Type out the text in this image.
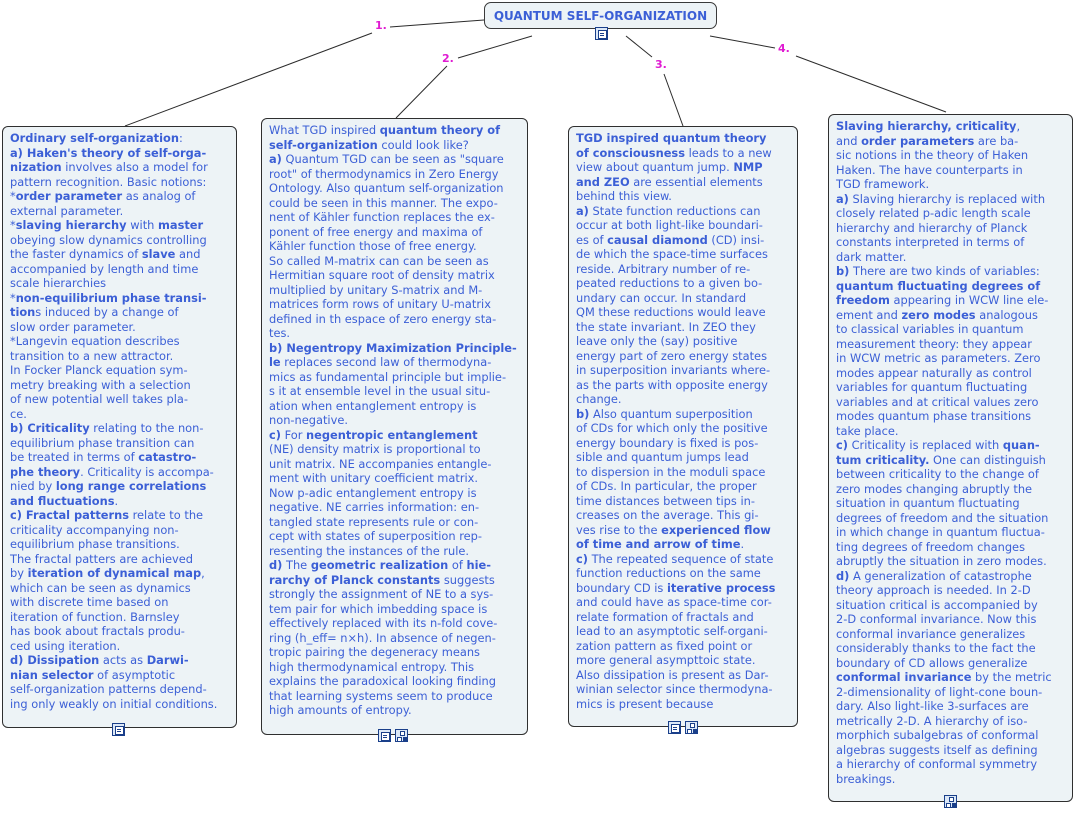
QUANTUM SELF-ORGANIZATION
1.
2.	3.
4.

Ordinary self-organization:

a) Haken's theory of self-orga-

nization involves also a model for

pattern recognition. Basic notions:

*order parameter as analog of

external parameter.

*slaving hierarchy with master

obeying slow dynamics controlling

the faster dynamics of slave and

accompanied by length and time

scale hierarchies

*non-equilibrium phase transi-

tions induced by a change of

slow order parameter.

*Langevin equation describes

transition to a new attractor.

In Focker Planck equation sym-

metry breaking with a selection

of new potential well takes pla-

ce.

b) Criticality relating to the non-

equilibrium phase transition can

be treated in terms of catastro-

phe theory. Criticality is accompa-

nied by long range correlations

and fluctuations.

c) Fractal patterns relate to the

criticality accompanying non-

equilibrium phase transitions.

The fractal patters are achieved

by iteration of dynamical map,

which can be seen as dynamics

with discrete time based on

iteration of function. Barnsley

has book about fractals produ-

ced using iteration.

d) Dissipation acts as Darwi-

nian selector of asymptotic

self-organization patterns depend-

ing only weakly on initial conditions.

What TGD inspired quantum theory of

self-organization could look like?

a) Quantum TGD can be seen as "square

root" of thermodynamics in Zero Energy

Ontology. Also quantum self-organization

could be seen in this manner. The expo-

nent of Kähler function replaces the ex-

ponent of free energy and maxima of

Kähler function those of free energy.

So called M-matrix can can be seen as

Hermitian square root of density matrix

multiplied by unitary S-matrix and M-

matrices form rows of unitary U-matrix

defined in th espace of zero energy sta-

tes.

b) Negentropy Maximization Principle-

le replaces second law of thermodyna-

mics as fundamental principle but implie-

s it at ensemble level in the usual situ-

ation when entanglement entropy is

non-negative.

c) For negentropic entanglement

(NE) density matrix is proportional to

unit matrix. NE accompanies entangle-

ment with unitary coefficient matrix.

Now p-adic entanglement entropy is

negative. NE carries information: en-

tangled state represents rule or con-

cept with states of superposition rep-

resenting the instances of the rule.

d) The geometric realization of hie-

rarchy of Planck constants suggests

strongly the assignment of NE to a sys-

tem pair for which imbedding space is

effectively replaced with its n-fold cove-

ring (h_eff= n×h). In absence of negen-

tropic pairing the degeneracy means

high thermodynamical entropy. This

explains the paradoxical looking finding

that learning systems seem to produce

high amounts of entropy.

TGD inspired quantum theory

of consciousness leads to a new

view about quantum jump. NMP

and ZEO are essential elements

behind this view.

a) State function reductions can

occur at both light-like boundari-

es of causal diamond (CD) insi-

de which the space-time surfaces

reside. Arbitrary number of re-

peated reductions to a given bo-

undary can occur. In standard

QM these reductions would leave

the state invariant. In ZEO they

leave only the (say) positive

energy part of zero energy states

in superposition invariants where-

as the parts with opposite energy

change.

b) Also quantum superposition

of CDs for which only the positive

energy boundary is fixed is pos-

sible and quantum jumps lead

to dispersion in the moduli space

of CDs. In particular, the proper

time distances between tips in-

creases on the average. This gi-

ves rise to the experienced flow

of time and arrow of time.

c) The repeated sequence of state

function reductions on the same

boundary CD is iterative process

and could have as space-time cor-

relate formation of fractals and

lead to an asymptotic self-organi-

zation pattern as fixed point or

more general asympttoic state.

Also dissipation is present as Dar-

winian selector since thermodyna-

mics is present because

Slaving hierarchy, criticality,

and order parameters are ba-

sic notions in the theory of Haken

Haken. The have counterparts in

TGD framework.

a) Slaving hierarchy is replaced with

closely related p-adic length scale

hierarchy and hierarchy of Planck

constants interpreted in terms of

dark matter.

b) There are two kinds of variables:

quantum fluctuating degrees of

freedom appearing in WCW line ele-

ement and zero modes analogous

to classical variables in quantum

measurement theory: they appear

in WCW metric as parameters. Zero

modes appear naturally as control

variables for quantum fluctuating

variables and at critical values zero

modes quantum phase transitions

take place.

c) Criticality is replaced with quan-

tum criticality. One can distinguish

between criticality to the change of

zero modes changing abruptly the

situation in quantum fluctuating

degrees of freedom and the situation

in which change in quantum fluctua-

ting degrees of freedom changes

abruptly the situation in zero modes.

d) A generalization of catastrophe

theory approach is needed. In 2-D

situation critical is accompanied by

2-D conformal invariance. Now this

conformal invariance generalizes

considerably thanks to the fact the

boundary of CD allows generalize

conformal invariance by the metric

2-dimensionality of light-cone boun-

dary. Also light-like 3-surfaces are

metrically 2-D. A hierarchy of iso-

morphich subalgebras of conformal

algebras suggests itself as defining

a hierarchy of conformal symmetry

breakings.
